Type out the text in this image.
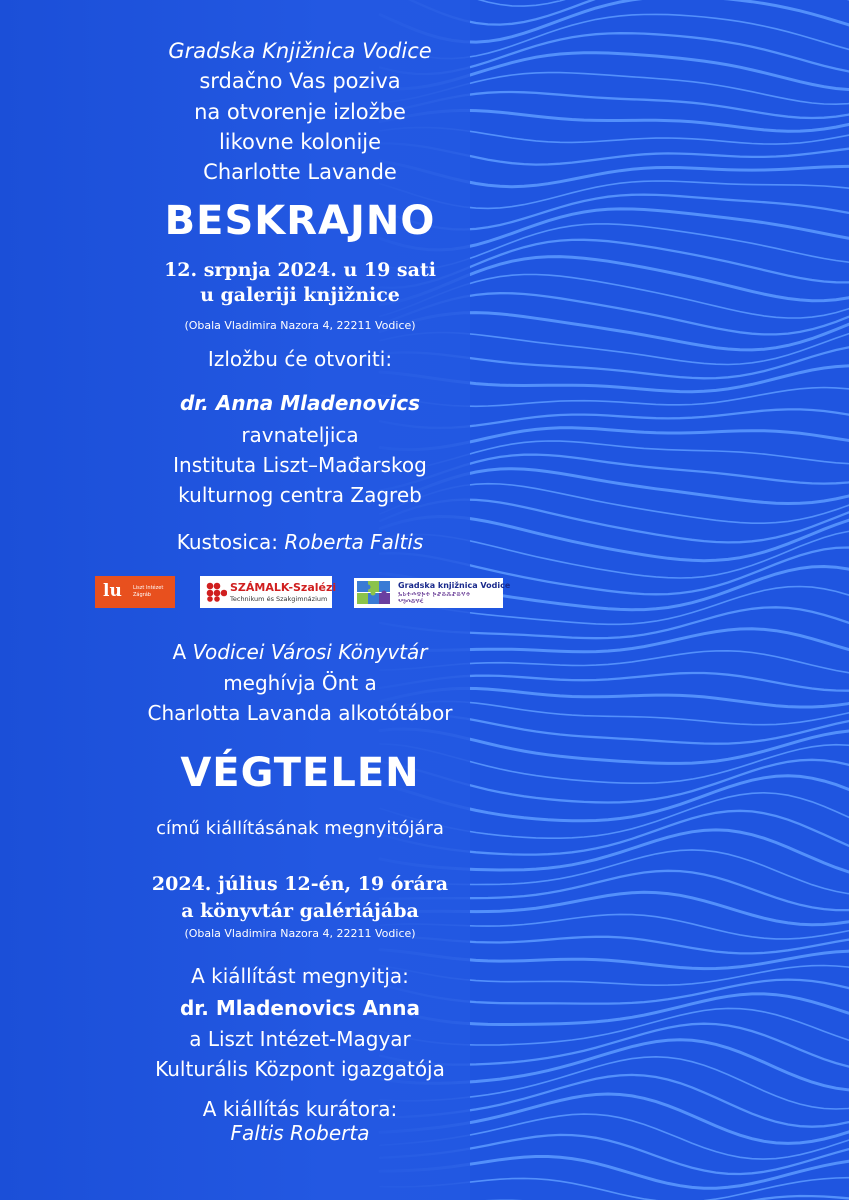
Gradska Knjižnica Vodice
srdačno Vas poziva
na otvorenje izložbe
likovne kolonije
Charlotte Lavande
BESKRAJNO
12. srpnja 2024. u 19 sati
u galeriji knjižnice
(Obala Vladimira Nazora 4, 22211 Vodice)
Izložbu će otvoriti:
dr. Anna Mladenovics
ravnateljica
Instituta Liszt–Mađarskog
kulturnog centra Zagreb
Kustosica: Roberta Faltis
lu Liszt Intézet
Zágráb
SZÁMALK-Szalézi
Technikum és Szakgimnázium
Gradska knjižnica Vodice
ⰃⰓⰀⰄⰔⰍⰀ ⰍⰐⰋⰆⰐⰋⰜⰀ
ⰂⰑⰄⰋⰜⰤ
A Vodicei Városi Könyvtár
meghívja Önt a
Charlotta Lavanda alkotótábor
VÉGTELEN
című kiállításának megnyitójára
2024. július 12-én, 19 órára
a könyvtár galériájába
(Obala Vladimira Nazora 4, 22211 Vodice)
A kiállítást megnyitja:
dr. Mladenovics Anna
a Liszt Intézet-Magyar
Kulturális Központ igazgatója
A kiállítás kurátora:
Faltis Roberta
